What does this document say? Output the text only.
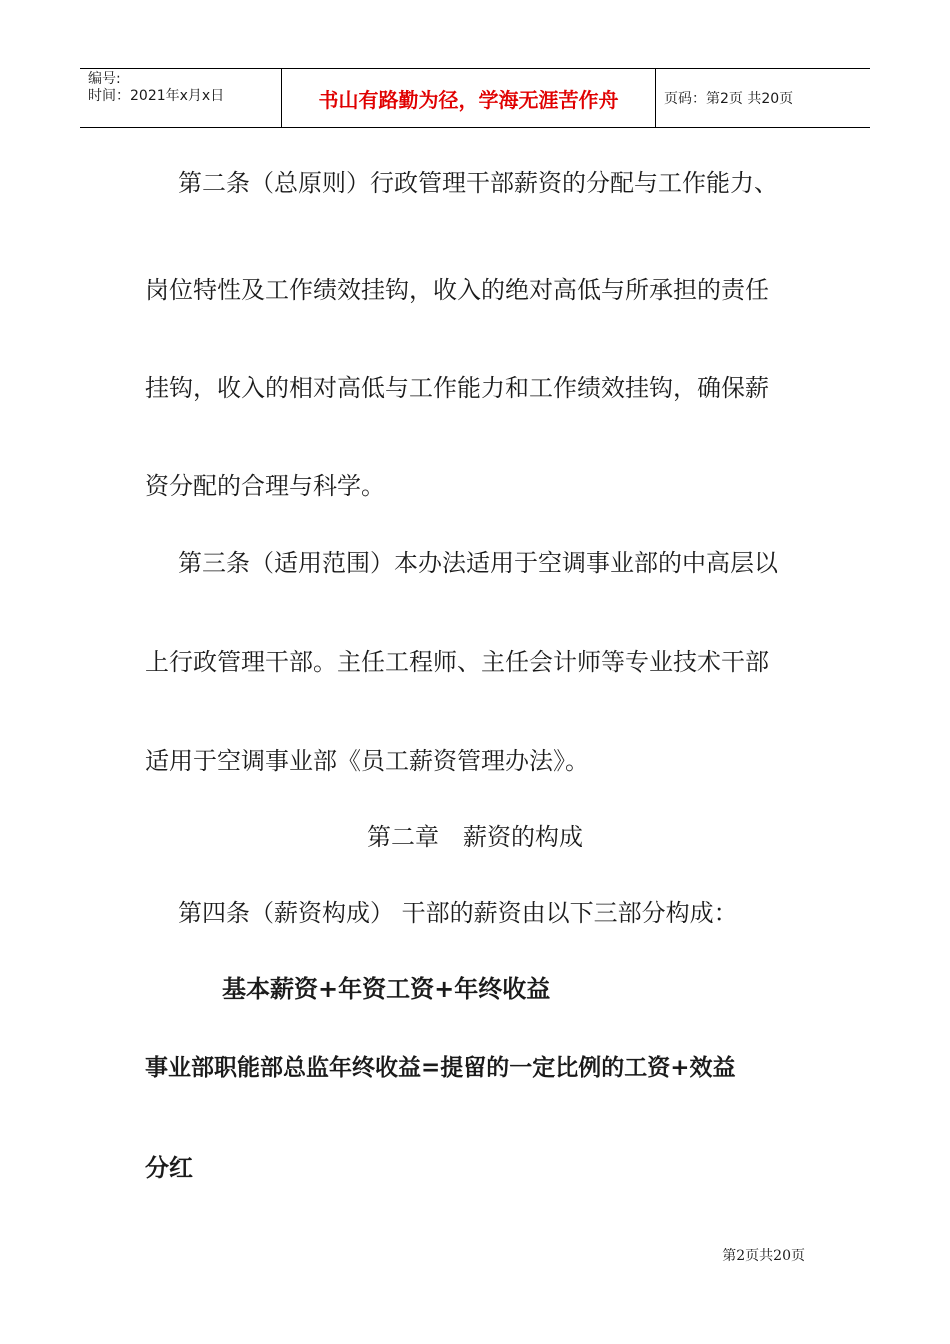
编号:
时间：2021年x月x日	书山有路勤为径，学海无涯苦作舟	页码：第2页 共20页
第二条（总原则）行政管理干部薪资的分配与工作能力、
岗位特性及工作绩效挂钩，收入的绝对高低与所承担的责任
挂钩，收入的相对高低与工作能力和工作绩效挂钩，确保薪
资分配的合理与科学。
第三条（适用范围）本办法适用于空调事业部的中高层以
上行政管理干部。主任工程师、主任会计师等专业技术干部
适用于空调事业部《员工薪资管理办法》。
第二章　薪资的构成
第四条（薪资构成） 干部的薪资由以下三部分构成：
基本薪资+年资工资+年终收益
事业部职能部总监年终收益=提留的一定比例的工资+效益
分红
第2页共20页
